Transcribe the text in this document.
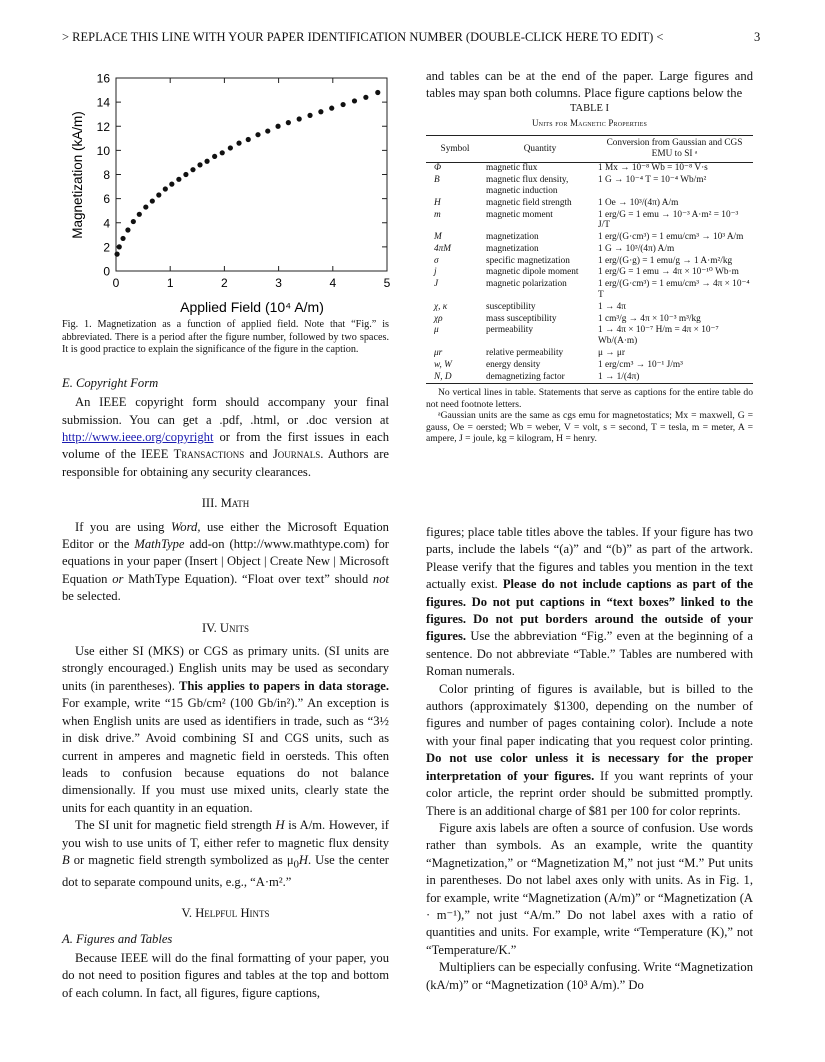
> REPLACE THIS LINE WITH YOUR PAPER IDENTIFICATION NUMBER (DOUBLE-CLICK HERE TO EDIT) <	3
0
2
4
6
8
10
12
14
16
0	1	2	3	4	5
Applied Field (10⁴ A/m)
Magnetization (kA/m)
Fig. 1. Magnetization as a function of applied field. Note that “Fig.” is abbreviated. There is a period after the figure number, followed by two spaces. It is good practice to explain the significance of the figure in the caption.
E. Copyright Form

An IEEE copyright form should accompany your final submission. You can get a .pdf, .html, or .doc version at http://www.ieee.org/copyright or from the first issues in each volume of the IEEE Transactions and Journals. Authors are responsible for obtaining any security clearances.

III. Math

If you are using Word, use either the Microsoft Equation Editor or the MathType add-on (http://www.mathtype.com) for equations in your paper (Insert | Object | Create New | Microsoft Equation or MathType Equation). “Float over text” should not be selected.

IV. Units

Use either SI (MKS) or CGS as primary units. (SI units are strongly encouraged.) English units may be used as secondary units (in parentheses). This applies to papers in data storage. For example, write “15 Gb/cm² (100 Gb/in²).” An exception is when English units are used as identifiers in trade, such as “3½ in disk drive.” Avoid combining SI and CGS units, such as current in amperes and magnetic field in oersteds. This often leads to confusion because equations do not balance dimensionally. If you must use mixed units, clearly state the units for each quantity in an equation.

The SI unit for magnetic field strength H is A/m. However, if you wish to use units of T, either refer to magnetic flux density B or magnetic field strength symbolized as $\mu_0H$. Use the center dot to separate compound units, e.g., “A·m².”

V. Helpful Hints
A. Figures and Tables

Because IEEE will do the final formatting of your paper, you do not need to position figures and tables at the top and bottom of each column. In fact, all figures, figure captions,

and tables can be at the end of the paper. Large figures and tables may span both columns. Place figure captions below the

TABLE I
Units for Magnetic Properties
Symbol	Quantity	Conversion from Gaussian and CGS EMU to SI ᵃ
Φ	magnetic flux	1 Mx → 10⁻⁸ Wb = 10⁻⁸ V·s
B	magnetic flux density, magnetic induction	1 G → 10⁻⁴ T = 10⁻⁴ Wb/m²
H	magnetic field strength	1 Oe → 10³/(4π) A/m
m	magnetic moment	1 erg/G = 1 emu → 10⁻³ A·m² = 10⁻³ J/T
M	magnetization	1 erg/(G·cm³) = 1 emu/cm³ → 10³ A/m
4πM	magnetization	1 G → 10³/(4π) A/m
σ	specific magnetization	1 erg/(G·g) = 1 emu/g → 1 A·m²/kg
j	magnetic dipole moment	1 erg/G = 1 emu → 4π × 10⁻¹⁰ Wb·m
J	magnetic polarization	1 erg/(G·cm³) = 1 emu/cm³ → 4π × 10⁻⁴ T
χ, κ	susceptibility	1 → 4π
χρ	mass susceptibility	1 cm³/g → 4π × 10⁻³ m³/kg
μ	permeability	1 → 4π × 10⁻⁷ H/m = 4π × 10⁻⁷ Wb/(A·m)
μr	relative permeability	μ → μr
w, W	energy density	1 erg/cm³ → 10⁻¹ J/m³
N, D	demagnetizing factor	1 → 1/(4π)
No vertical lines in table. Statements that serve as captions for the entire table do not need footnote letters.
ᵃGaussian units are the same as cgs emu for magnetostatics; Mx = maxwell, G = gauss, Oe = oersted; Wb = weber, V = volt, s = second, T = tesla, m = meter, A = ampere, J = joule, kg = kilogram, H = henry.

figures; place table titles above the tables. If your figure has two parts, include the labels “(a)” and “(b)” as part of the artwork. Please verify that the figures and tables you mention in the text actually exist. Please do not include captions as part of the figures. Do not put captions in “text boxes” linked to the figures. Do not put borders around the outside of your figures. Use the abbreviation “Fig.” even at the beginning of a sentence. Do not abbreviate “Table.” Tables are numbered with Roman numerals.

Color printing of figures is available, but is billed to the authors (approximately $1300, depending on the number of figures and number of pages containing color). Include a note with your final paper indicating that you request color printing. Do not use color unless it is necessary for the proper interpretation of your figures. If you want reprints of your color article, the reprint order should be submitted promptly. There is an additional charge of $81 per 100 for color reprints.

Figure axis labels are often a source of confusion. Use words rather than symbols. As an example, write the quantity “Magnetization,” or “Magnetization M,” not just “M.” Put units in parentheses. Do not label axes only with units. As in Fig. 1, for example, write “Magnetization (A/m)” or “Magnetization (A · m⁻¹),” not just “A/m.” Do not label axes with a ratio of quantities and units. For example, write “Temperature (K),” not “Temperature/K.”

Multipliers can be especially confusing. Write “Magnetization (kA/m)” or “Magnetization (10³ A/m).” Do
